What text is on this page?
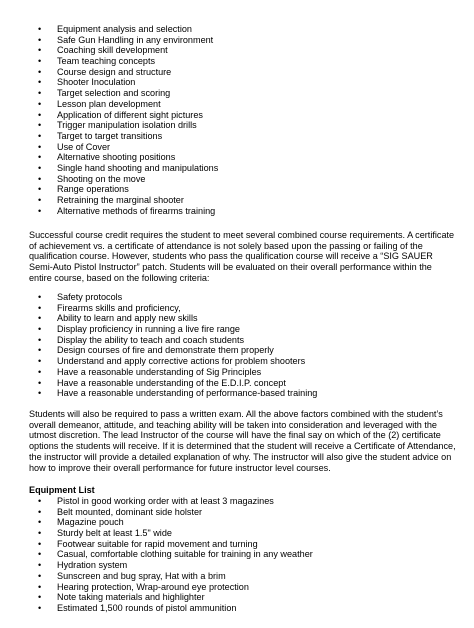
• Equipment analysis and selection
• Safe Gun Handling in any environment
• Coaching skill development
• Team teaching concepts
• Course design and structure
• Shooter Inoculation
• Target selection and scoring
• Lesson plan development
• Application of different sight pictures
• Trigger manipulation isolation drills
• Target to target transitions
• Use of Cover
• Alternative shooting positions
• Single hand shooting and manipulations
• Shooting on the move
• Range operations
• Retraining the marginal shooter
• Alternative methods of firearms training

Successful course credit requires the student to meet several combined course requirements. A certificate of achievement vs. a certificate of attendance is not solely based upon the passing or failing of the qualification course. However, students who pass the qualification course will receive a “SIG SAUER Semi-Auto Pistol Instructor” patch. Students will be evaluated on their overall performance within the entire course, based on the following criteria:

• Safety protocols
• Firearms skills and proficiency,
• Ability to learn and apply new skills
• Display proficiency in running a live fire range
• Display the ability to teach and coach students
• Design courses of fire and demonstrate them properly
• Understand and apply corrective actions for problem shooters
• Have a reasonable understanding of Sig Principles
• Have a reasonable understanding of the E.D.I.P. concept
• Have a reasonable understanding of performance-based training

Students will also be required to pass a written exam. All the above factors combined with the student’s overall demeanor, attitude, and teaching ability will be taken into consideration and leveraged with the utmost discretion. The lead Instructor of the course will have the final say on which of the (2) certificate options the students will receive. If it is determined that the student will receive a Certificate of Attendance, the instructor will provide a detailed explanation of why. The instructor will also give the student advice on how to improve their overall performance for future instructor level courses.

Equipment List

• Pistol in good working order with at least 3 magazines
• Belt mounted, dominant side holster
• Magazine pouch
• Sturdy belt at least 1.5" wide
• Footwear suitable for rapid movement and turning
• Casual, comfortable clothing suitable for training in any weather
• Hydration system
• Sunscreen and bug spray, Hat with a brim
• Hearing protection, Wrap-around eye protection
• Note taking materials and highlighter
• Estimated 1,500 rounds of pistol ammunition
